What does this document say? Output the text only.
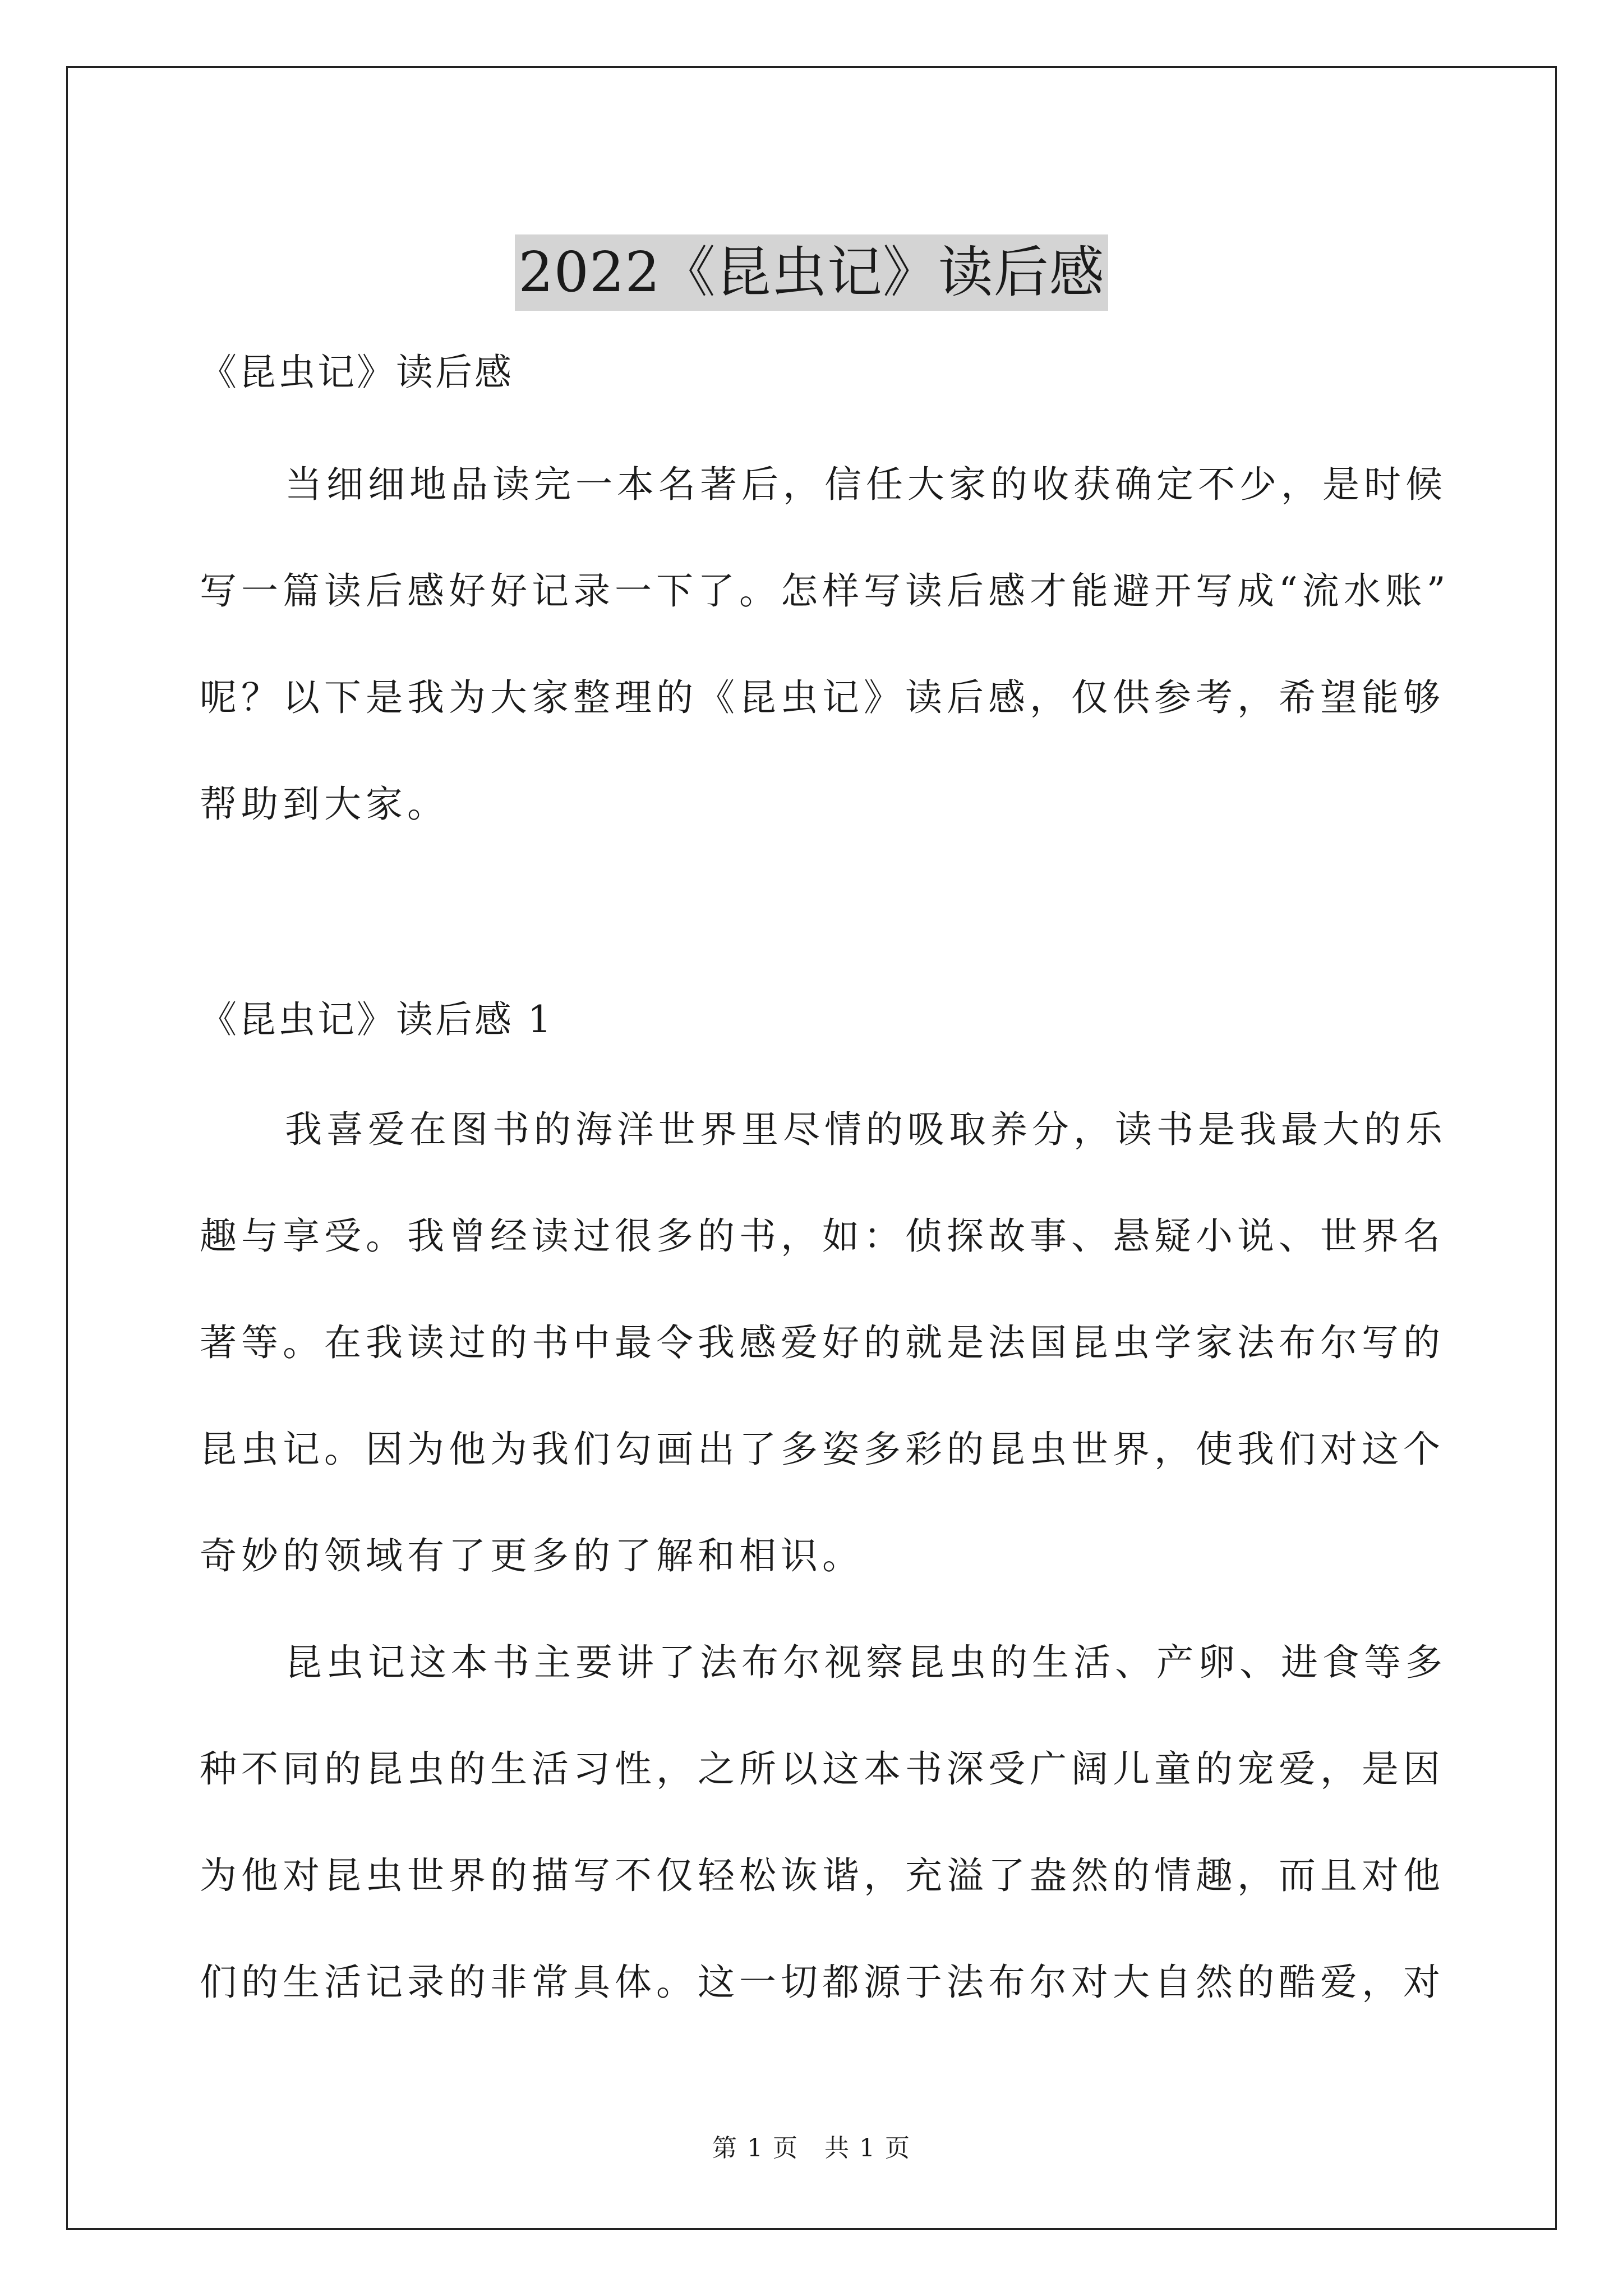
2022《昆虫记》读后感

《昆虫记》读后感

当细细地品读完一本名著后，信任大家的收获确定不少，是时候

写一篇读后感好好记录一下了。怎样写读后感才能避开写成“流水账”

呢？以下是我为大家整理的《昆虫记》读后感，仅供参考，希望能够

帮助到大家。

《昆虫记》读后感 1

我喜爱在图书的海洋世界里尽情的吸取养分，读书是我最大的乐

趣与享受。我曾经读过很多的书，如：侦探故事、悬疑小说、世界名

著等。在我读过的书中最令我感爱好的就是法国昆虫学家法布尔写的

昆虫记。因为他为我们勾画出了多姿多彩的昆虫世界，使我们对这个

奇妙的领域有了更多的了解和相识。

昆虫记这本书主要讲了法布尔视察昆虫的生活、产卵、进食等多

种不同的昆虫的生活习性，之所以这本书深受广阔儿童的宠爱，是因

为他对昆虫世界的描写不仅轻松诙谐，充溢了盎然的情趣，而且对他

们的生活记录的非常具体。这一切都源于法布尔对大自然的酷爱，对

第 1 页　共 1 页
